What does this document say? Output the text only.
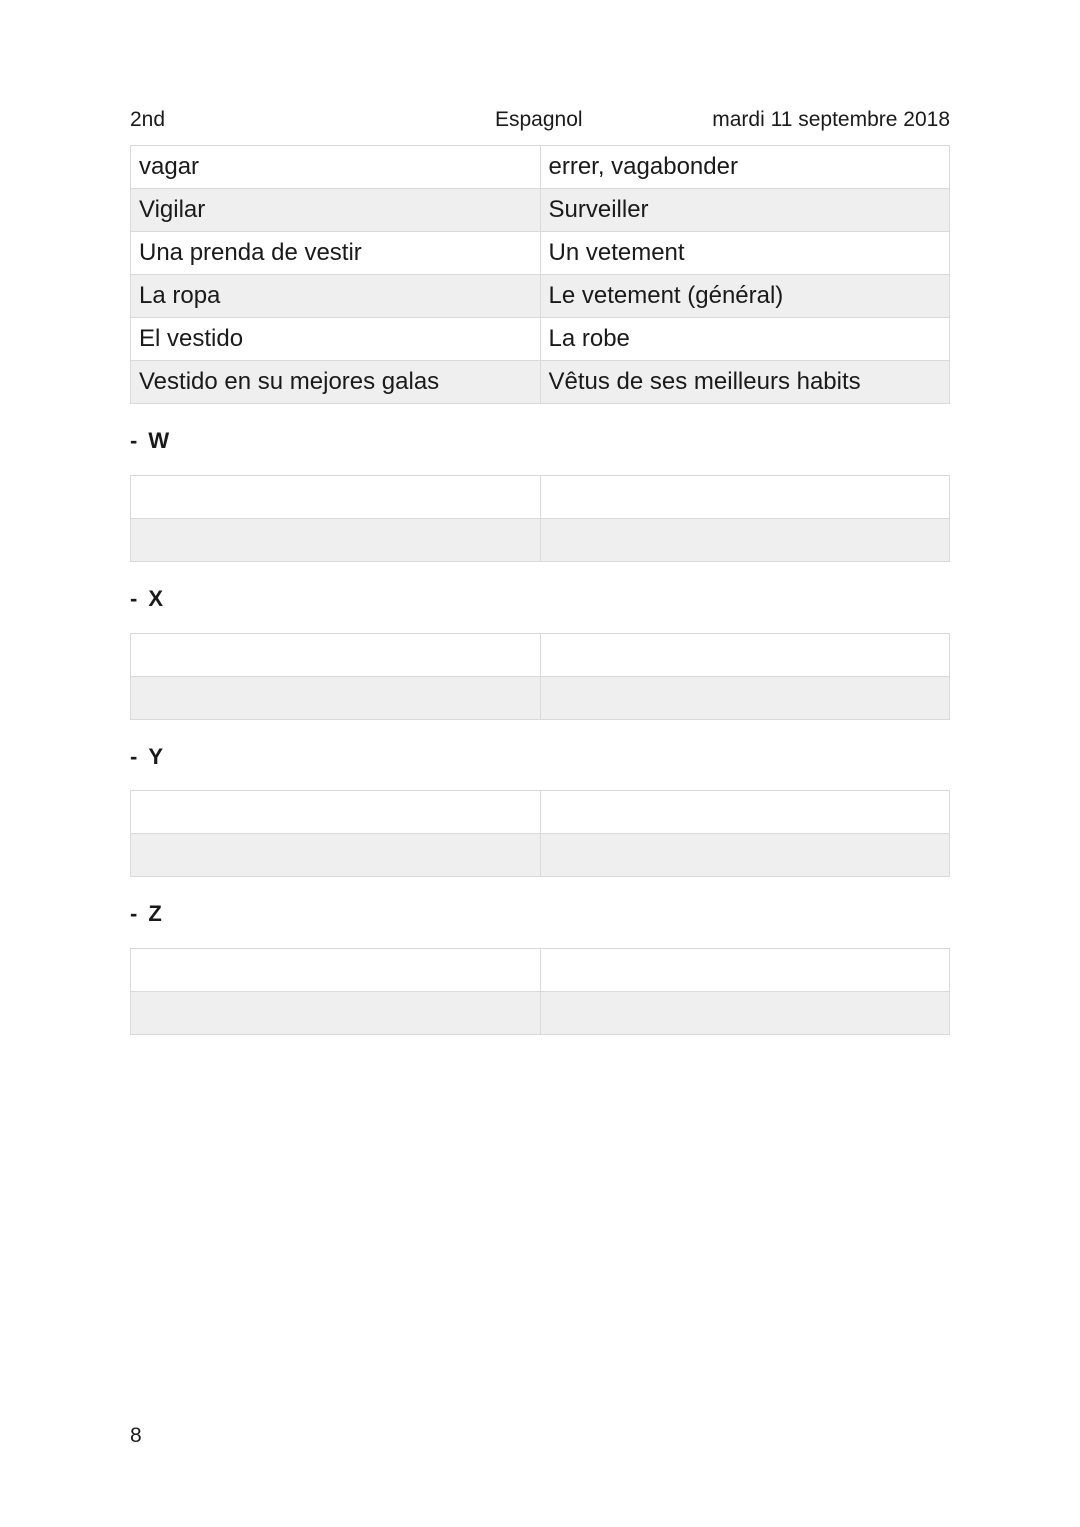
2nd	Espagnol	mardi 11 septembre 2018
vagar	errer, vagabonder
Vigilar	Surveiller
Una prenda de vestir	Un vetement
La ropa	Le vetement (général)
El vestido	La robe
Vestido en su mejores galas	Vêtus de ses meilleurs habits
- W

- X

- Y

- Z

8
